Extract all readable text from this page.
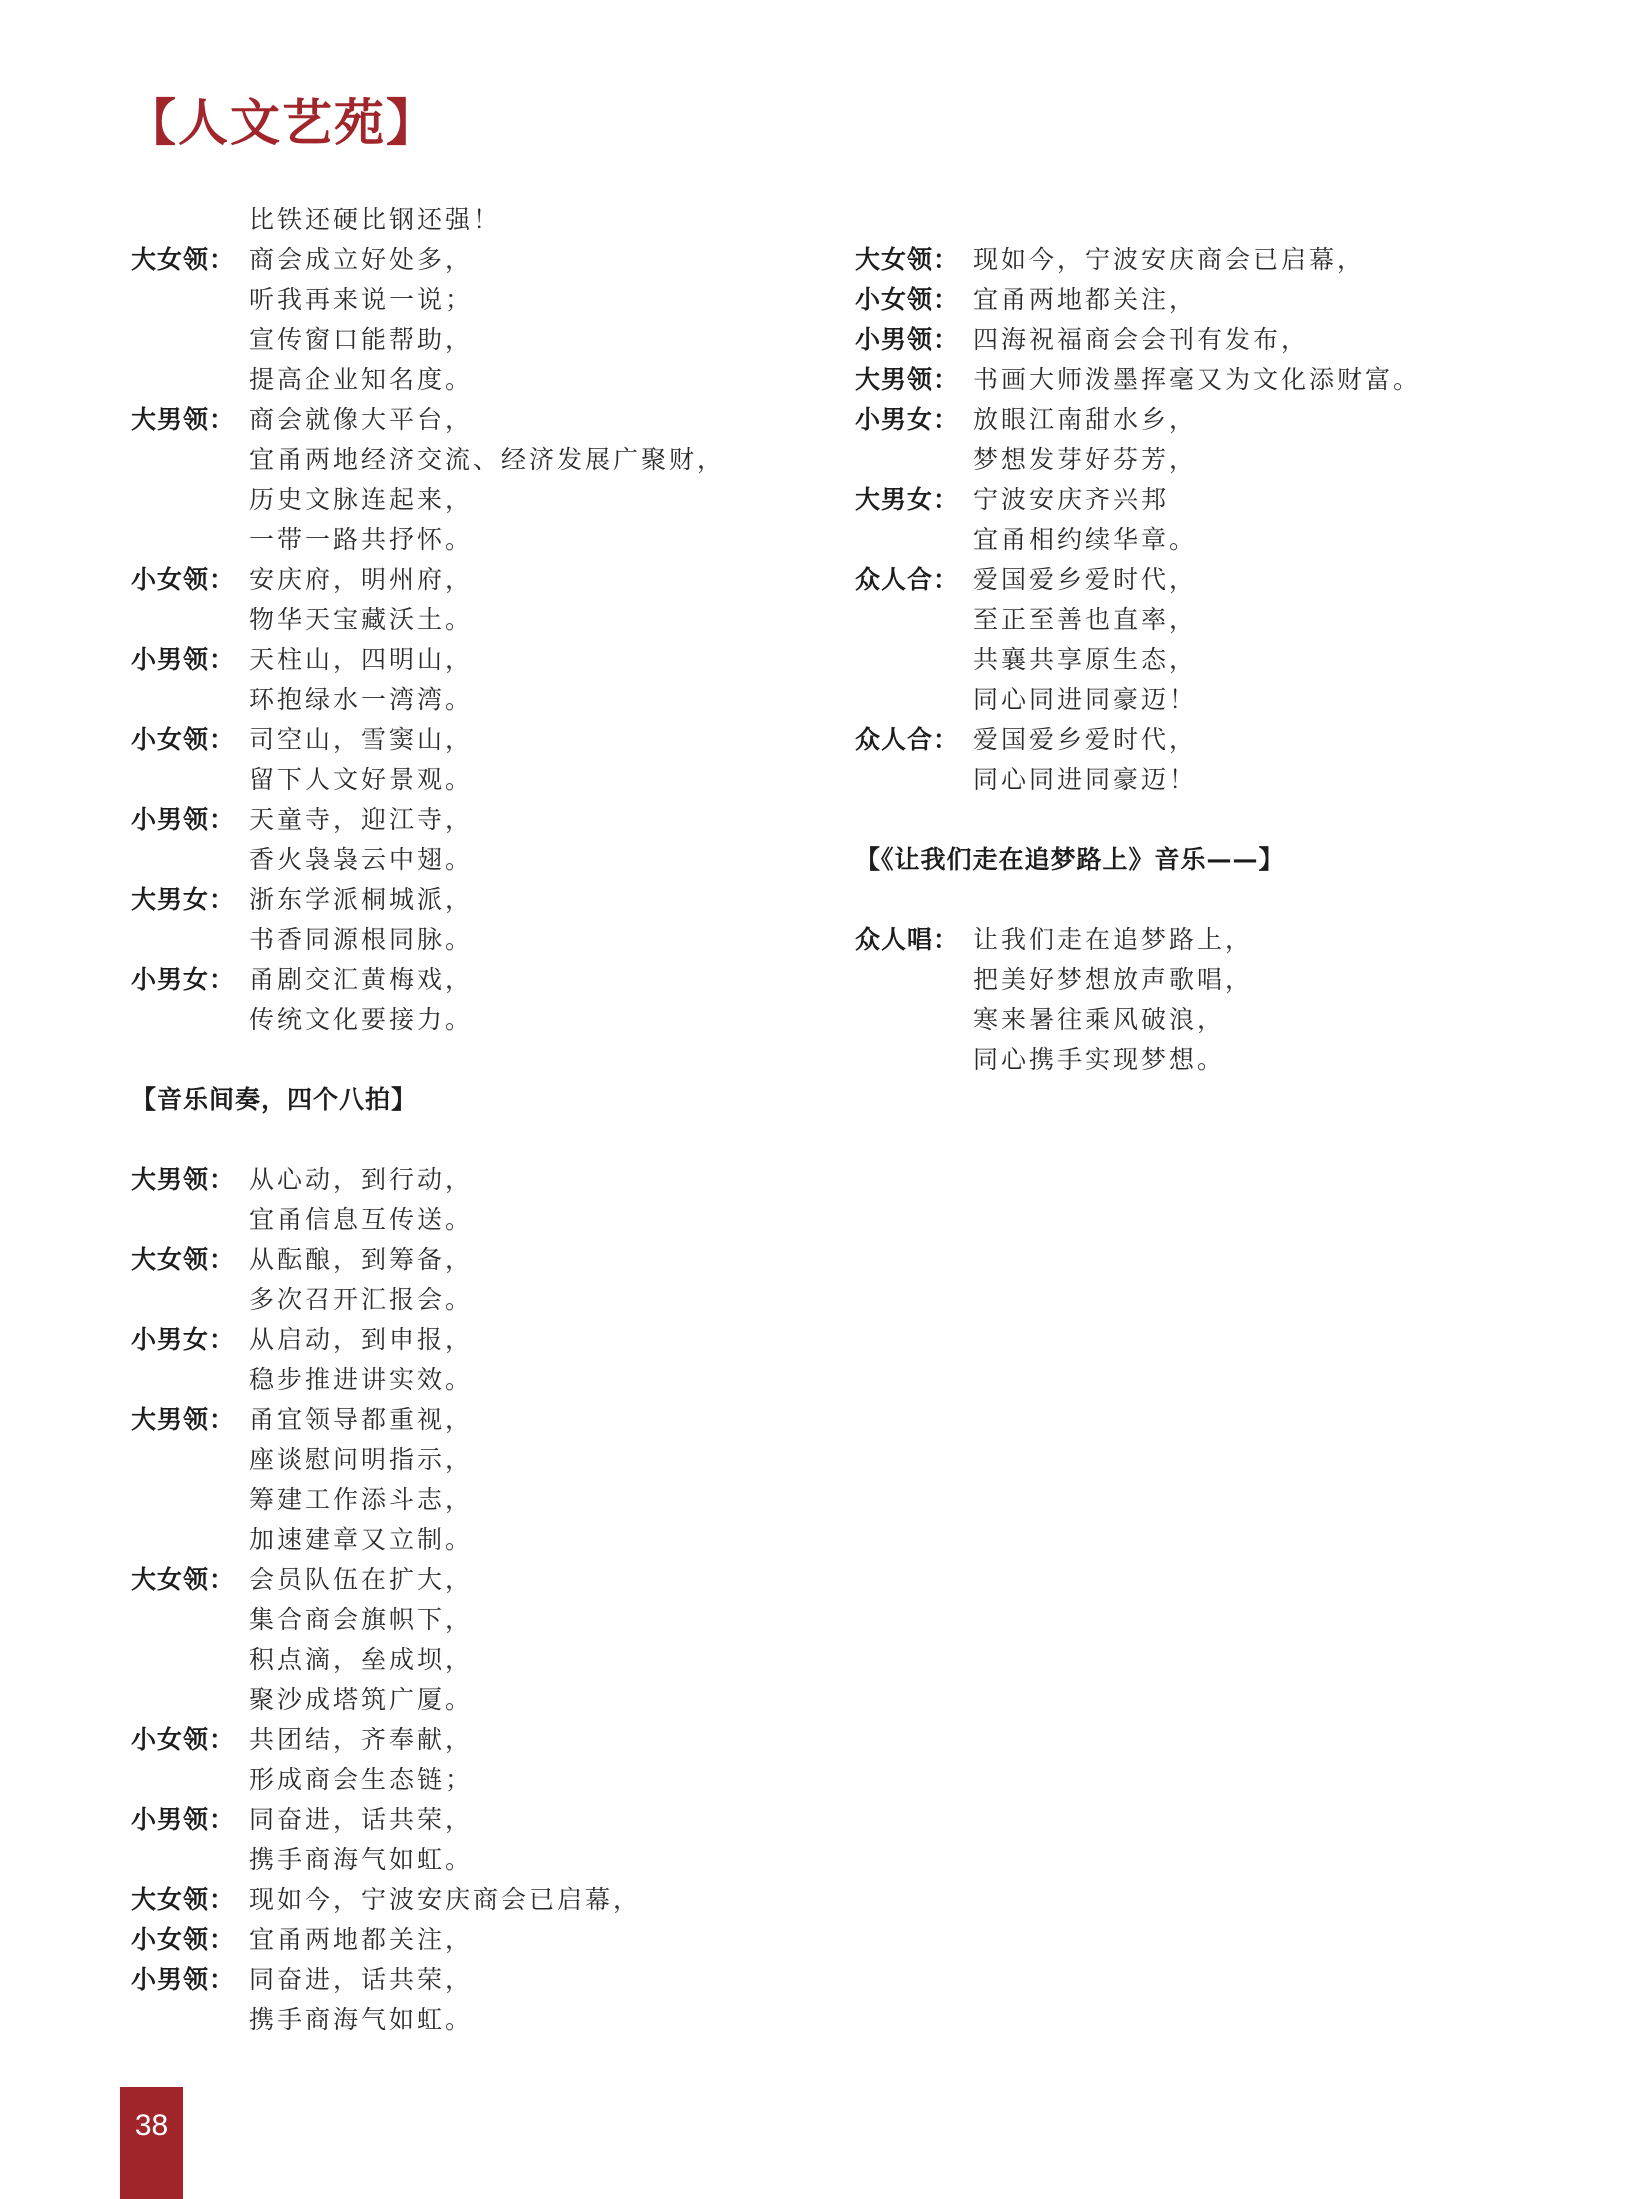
【人文艺苑】
比铁还硬比钢还强！
大女领： 商会成立好处多，
听我再来说一说；
宣传窗口能帮助，
提高企业知名度。
大男领： 商会就像大平台，
宜甬两地经济交流、经济发展广聚财，
历史文脉连起来，
一带一路共抒怀。
小女领： 安庆府，明州府，
物华天宝藏沃土。
小男领： 天柱山，四明山，
环抱绿水一湾湾。
小女领： 司空山，雪窦山，
留下人文好景观。
小男领： 天童寺，迎江寺，
香火袅袅云中翅。
大男女： 浙东学派桐城派，
书香同源根同脉。
小男女： 甬剧交汇黄梅戏，
传统文化要接力。
【音乐间奏，四个八拍】
大男领： 从心动，到行动，
宜甬信息互传送。
大女领： 从酝酿，到筹备，
多次召开汇报会。
小男女： 从启动，到申报，
稳步推进讲实效。
大男领： 甬宜领导都重视，
座谈慰问明指示，
筹建工作添斗志，
加速建章又立制。
大女领： 会员队伍在扩大，
集合商会旗帜下，
积点滴，垒成坝，
聚沙成塔筑广厦。
小女领： 共团结，齐奉献，
形成商会生态链；
小男领： 同奋进，话共荣，
携手商海气如虹。
大女领： 现如今，宁波安庆商会已启幕，
小女领： 宜甬两地都关注，
小男领： 同奋进，话共荣，
携手商海气如虹。
大女领： 现如今，宁波安庆商会已启幕，
小女领： 宜甬两地都关注，
小男领： 四海祝福商会会刊有发布，
大男领： 书画大师泼墨挥毫又为文化添财富。
小男女： 放眼江南甜水乡，
梦想发芽好芬芳，
大男女： 宁波安庆齐兴邦
宜甬相约续华章。
众人合： 爱国爱乡爱时代，
至正至善也直率，
共襄共享原生态，
同心同进同豪迈！
众人合： 爱国爱乡爱时代，
同心同进同豪迈！
【《让我们走在追梦路上》音乐——】
众人唱： 让我们走在追梦路上，
把美好梦想放声歌唱，
寒来暑往乘风破浪，
同心携手实现梦想。
38
